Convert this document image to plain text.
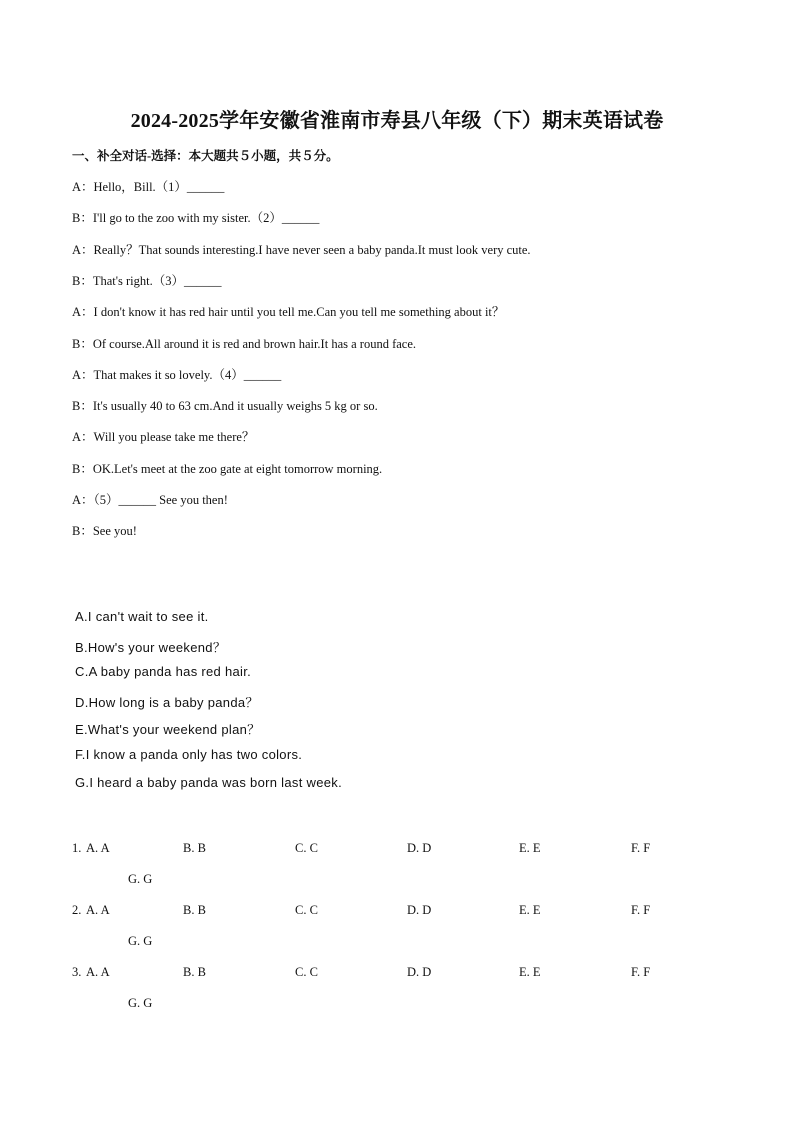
2024-2025学年安徽省淮南市寿县八年级（下）期末英语试卷
一、补全对话-选择：本大题共５小题，共５分。
A：Hello，Bill.（1）______
B：I'll go to the zoo with my sister.（2）______
A：Really？That sounds interesting.I have never seen a baby panda.It must look very cute.
B：That's right.（3）______
A：I don't know it has red hair until you tell me.Can you tell me something about it？
B：Of course.All around it is red and brown hair.It has a round face.
A：That makes it so lovely.（4）______
B：It's usually 40 to 63 cm.And it usually weighs 5 kg or so.
A：Will you please take me there？
B：OK.Let's meet at the zoo gate at eight tomorrow morning.
A：（5）______ See you then!
B：See you!
A.I can't wait to see it.
B.How's your weekend？
C.A baby panda has red hair.
D.How long is a baby panda？
E.What's your weekend plan？
F.I know a panda only has two colors.
G.I heard a baby panda was born last week.
1. A. A	B. B	C. C	D. D	E. E	F. F
G. G
2. A. A	B. B	C. C	D. D	E. E	F. F
G. G
3. A. A	B. B	C. C	D. D	E. E	F. F
G. G
